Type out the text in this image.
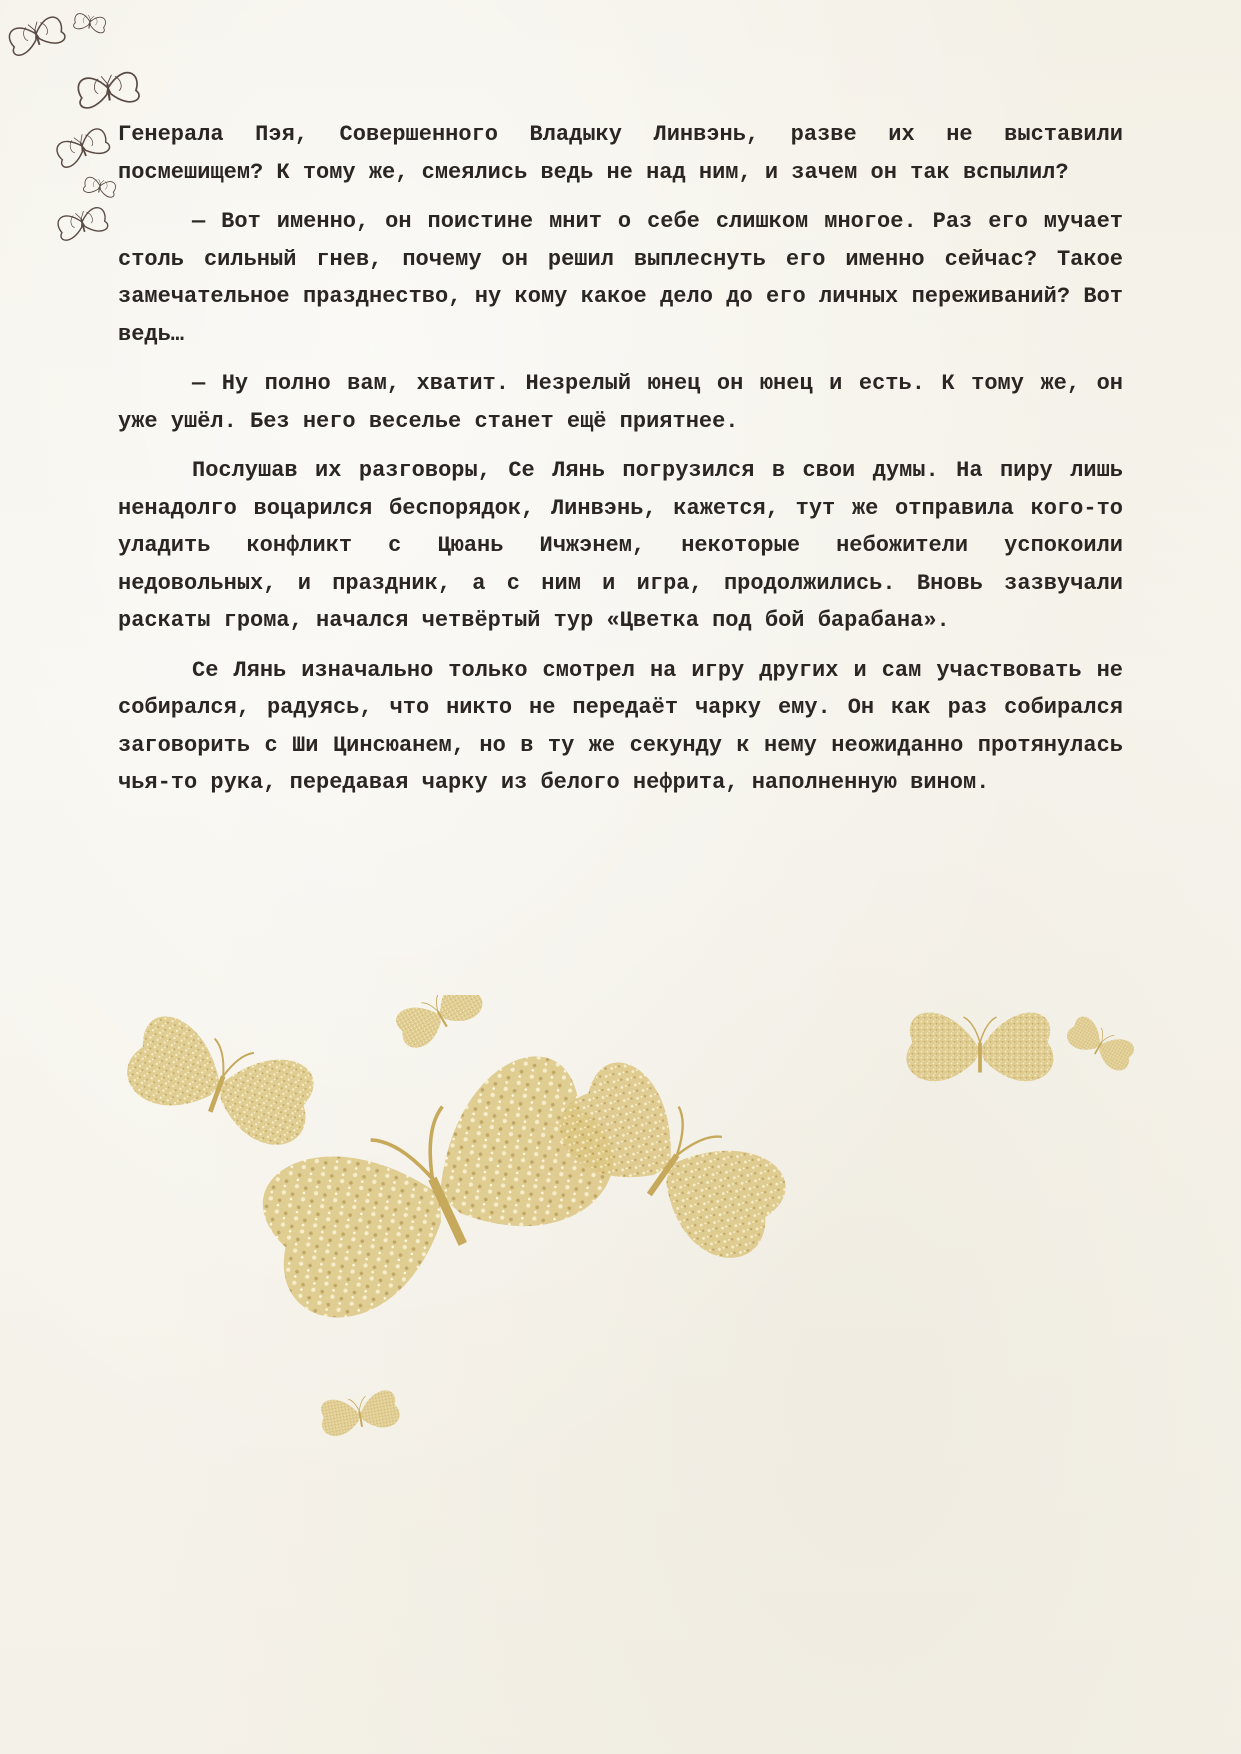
Генерала Пэя, Совершенного Владыку Линвэнь, разве их не выставили посмешищем? К тому же, смеялись ведь не над ним, и зачем он так вспылил?

— Вот именно, он поистине мнит о себе слишком многое. Раз его мучает столь сильный гнев, почему он решил выплеснуть его именно сейчас? Такое замечательное празднество, ну кому какое дело до его личных переживаний? Вот ведь…

— Ну полно вам, хватит. Незрелый юнец он юнец и есть. К тому же, он уже ушёл. Без него веселье станет ещё приятнее.

Послушав их разговоры, Се Лянь погрузился в свои думы. На пиру лишь ненадолго воцарился беспорядок, Линвэнь, кажется, тут же отправила кого-то уладить конфликт с Цюань Ичжэнем, некоторые небожители успокоили недовольных, и праздник, а с ним и игра, продолжились. Вновь зазвучали раскаты грома, начался четвёртый тур «Цветка под бой барабана».

Се Лянь изначально только смотрел на игру других и сам участвовать не собирался, радуясь, что никто не передаёт чарку ему. Он как раз собирался заговорить с Ши Цинсюанем, но в ту же секунду к нему неожиданно протянулась чья-то рука, передавая чарку из белого нефрита, наполненную вином.
